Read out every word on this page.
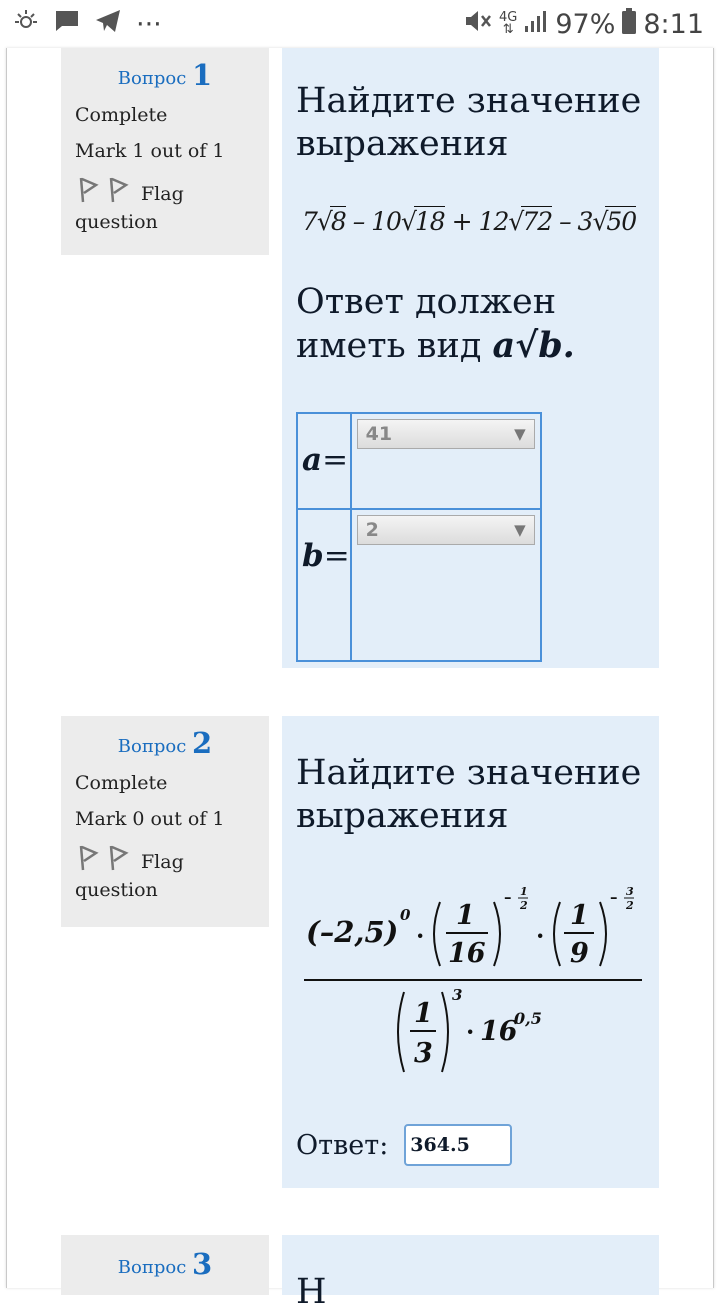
···	4G
⇅ 97% 8:11
Вопрос 1
Complete
Mark 1 out of 1
Flag question

Найдите значение выражения

7√8 – 10√18 + 12√72 – 3√50

Ответ должен иметь вид a√b.

a=	41 ▼

b=	2 ▼
Вопрос 2
Complete
Mark 0 out of 1
Flag question

Найдите значение выражения

(–2,5) 0
·
1
16
– 1
2
·
1
9
– 3
2
1
3
3
· 16
0,5
Ответ:	364.5
Вопрос 3

Н
